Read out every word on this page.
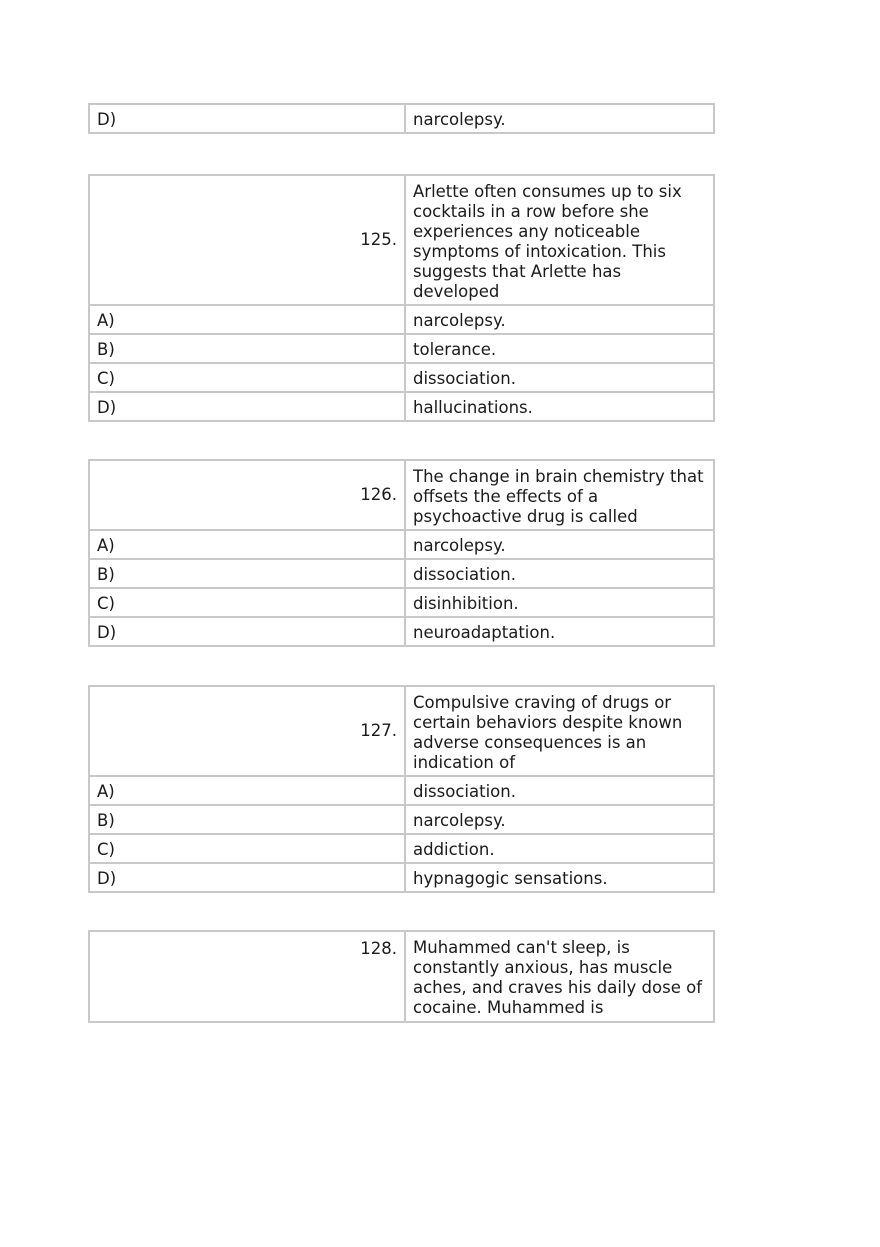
D)	narcolepsy.
125.	Arlette often consumes up to six cocktails in a row before she experiences any noticeable symptoms of intoxication. This suggests that Arlette has developed
A)	narcolepsy.
B)	tolerance.
C)	dissociation.
D)	hallucinations.
126.	The change in brain chemistry that offsets the effects of a psychoactive drug is called
A)	narcolepsy.
B)	dissociation.
C)	disinhibition.
D)	neuroadaptation.
127.	Compulsive craving of drugs or certain behaviors despite known adverse consequences is an indication of
A)	dissociation.
B)	narcolepsy.
C)	addiction.
D)	hypnagogic sensations.
128.	Muhammed can't sleep, is constantly anxious, has muscle aches, and craves his daily dose of cocaine. Muhammed is
